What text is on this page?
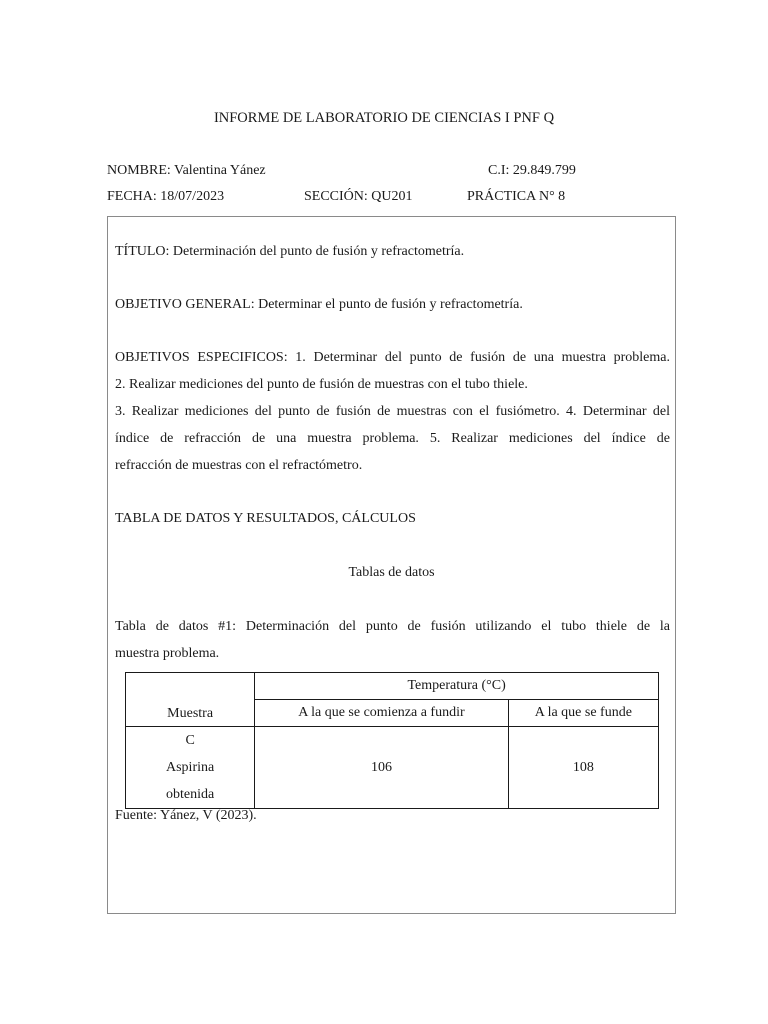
INFORME DE LABORATORIO DE CIENCIAS I PNF Q
NOMBRE: Valentina Yánez	C.I: 29.849.799
FECHA: 18/07/2023	SECCIÓN: QU201	PRÁCTICA N° 8
TÍTULO: Determinación del punto de fusión y refractometría.
OBJETIVO GENERAL: Determinar el punto de fusión y refractometría.
OBJETIVOS ESPECIFICOS: 1. Determinar del punto de fusión de una muestra problema.
2. Realizar mediciones del punto de fusión de muestras con el tubo thiele.
3. Realizar mediciones del punto de fusión de muestras con el fusiómetro. 4. Determinar del
índice de refracción de una muestra problema. 5. Realizar mediciones del índice de
refracción de muestras con el refractómetro.
TABLA DE DATOS Y RESULTADOS, CÁLCULOS
Tablas de datos
Tabla de datos #1: Determinación del punto de fusión utilizando el tubo thiele de la
muestra problema.
Muestra	Temperatura (°C)	
	A la que se comienza a fundir	A la que se funde

C
Aspirina
obtenida	106	108
Fuente: Yánez, V (2023).
